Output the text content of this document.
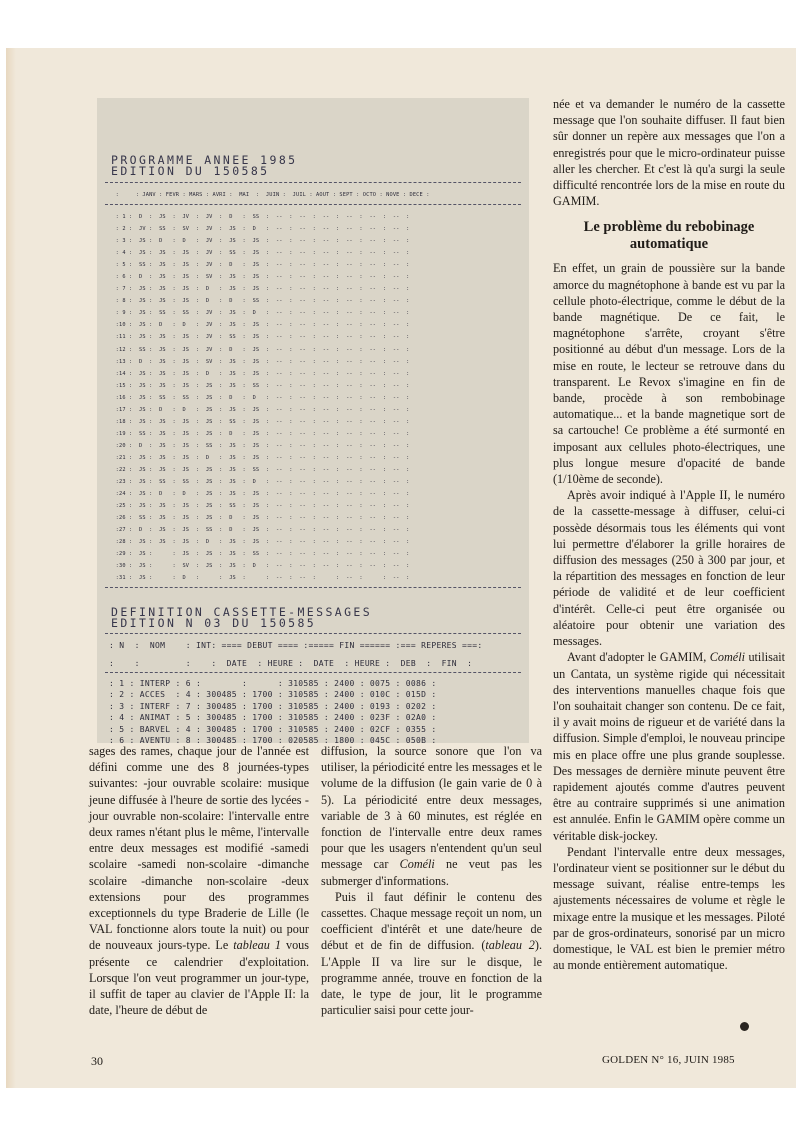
PROGRAMME ANNEE 1985
EDITION DU 150585
:     : JANV : FEVR : MARS : AVRI :  MAI  :  JUIN :  JUIL : AOUT : SEPT : OCTO : NOVE : DECE :
: 1 :  D  :  JS  :  JV  :  JV  :  D   :  SS  :  --  :  --  :  --  :  --  :  --  :  --  :
: 2 :  JV :  SS  :  SV  :  JV  :  JS  :  D   :  --  :  --  :  --  :  --  :  --  :  --  :
: 3 :  JS :  D   :  D   :  JV  :  JS  :  JS  :  --  :  --  :  --  :  --  :  --  :  --  :
: 4 :  JS :  JS  :  JS  :  JV  :  SS  :  JS  :  --  :  --  :  --  :  --  :  --  :  --  :
: 5 :  SS :  JS  :  JS  :  JV  :  D   :  JS  :  --  :  --  :  --  :  --  :  --  :  --  :
: 6 :  D  :  JS  :  JS  :  SV  :  JS  :  JS  :  --  :  --  :  --  :  --  :  --  :  --  :
: 7 :  JS :  JS  :  JS  :  D   :  JS  :  JS  :  --  :  --  :  --  :  --  :  --  :  --  :
: 8 :  JS :  JS  :  JS  :  D   :  D   :  SS  :  --  :  --  :  --  :  --  :  --  :  --  :
: 9 :  JS :  SS  :  SS  :  JV  :  JS  :  D   :  --  :  --  :  --  :  --  :  --  :  --  :
:10 :  JS :  D   :  D   :  JV  :  JS  :  JS  :  --  :  --  :  --  :  --  :  --  :  --  :
:11 :  JS :  JS  :  JS  :  JV  :  SS  :  JS  :  --  :  --  :  --  :  --  :  --  :  --  :
:12 :  SS :  JS  :  JS  :  JV  :  D   :  JS  :  --  :  --  :  --  :  --  :  --  :  --  :
:13 :  D  :  JS  :  JS  :  SV  :  JS  :  JS  :  --  :  --  :  --  :  --  :  --  :  --  :
:14 :  JS :  JS  :  JS  :  D   :  JS  :  JS  :  --  :  --  :  --  :  --  :  --  :  --  :
:15 :  JS :  JS  :  JS  :  JS  :  JS  :  SS  :  --  :  --  :  --  :  --  :  --  :  --  :
:16 :  JS :  SS  :  SS  :  JS  :  D   :  D   :  --  :  --  :  --  :  --  :  --  :  --  :
:17 :  JS :  D   :  D   :  JS  :  JS  :  JS  :  --  :  --  :  --  :  --  :  --  :  --  :
:18 :  JS :  JS  :  JS  :  JS  :  SS  :  JS  :  --  :  --  :  --  :  --  :  --  :  --  :
:19 :  SS :  JS  :  JS  :  JS  :  D   :  JS  :  --  :  --  :  --  :  --  :  --  :  --  :
:20 :  D  :  JS  :  JS  :  SS  :  JS  :  JS  :  --  :  --  :  --  :  --  :  --  :  --  :
:21 :  JS :  JS  :  JS  :  D   :  JS  :  JS  :  --  :  --  :  --  :  --  :  --  :  --  :
:22 :  JS :  JS  :  JS  :  JS  :  JS  :  SS  :  --  :  --  :  --  :  --  :  --  :  --  :
:23 :  JS :  SS  :  SS  :  JS  :  JS  :  D   :  --  :  --  :  --  :  --  :  --  :  --  :
:24 :  JS :  D   :  D   :  JS  :  JS  :  JS  :  --  :  --  :  --  :  --  :  --  :  --  :
:25 :  JS :  JS  :  JS  :  JS  :  SS  :  JS  :  --  :  --  :  --  :  --  :  --  :  --  :
:26 :  SS :  JS  :  JS  :  JS  :  D   :  JS  :  --  :  --  :  --  :  --  :  --  :  --  :
:27 :  D  :  JS  :  JS  :  SS  :  D   :  JS  :  --  :  --  :  --  :  --  :  --  :  --  :
:28 :  JS :  JS  :  JS  :  D   :  JS  :  JS  :  --  :  --  :  --  :  --  :  --  :  --  :
:29 :  JS :      :  JS  :  JS  :  JS  :  SS  :  --  :  --  :  --  :  --  :  --  :  --  :
:30 :  JS :      :  SV  :  JS  :  JS  :  D   :  --  :  --  :  --  :  --  :  --  :  --  :
:31 :  JS :      :  D   :      :  JS  :      :  --  :  --  :      :  --  :      :  --  :
DEFINITION CASSETTE-MESSAGES
EDITION N 03 DU 150585
: N  :  NOM    : INT: ==== DEBUT ==== :===== FIN ====== :=== REPERES ===:
:    :         :    :  DATE  : HEURE :  DATE  : HEURE :  DEB  :  FIN  :
: 1 : INTERP : 6 :        :      : 310585 : 2400 : 0075 : 0086 :
: 2 : ACCES  : 4 : 300485 : 1700 : 310585 : 2400 : 010C : 015D :
: 3 : INTERF : 7 : 300485 : 1700 : 310585 : 2400 : 0193 : 0202 :
: 4 : ANIMAT : 5 : 300485 : 1700 : 310585 : 2400 : 023F : 02A0 :
: 5 : BARVEL : 4 : 300485 : 1700 : 310585 : 2400 : 02CF : 0355 :
: 6 : AVENTU : 8 : 300485 : 1700 : 020585 : 1800 : 045C : 050B :

née et va demander le numéro de la cassette message que l'on souhaite diffuser. Il faut bien sûr donner un repère aux messages que l'on a enregistrés pour que le micro-ordinateur puisse aller les chercher. Et c'est là qu'a surgi la seule difficulté rencontrée lors de la mise en route du GAMIM.

Le problème du rebobinage automatique

En effet, un grain de poussière sur la bande amorce du magnétophone à bande est vu par la cellule photo-électrique, comme le début de la bande magnétique. De ce fait, le magnétophone s'arrête, croyant s'être positionné au début d'un message. Lors de la mise en route, le lecteur se retrouve dans du transparent. Le Revox s'imagine en fin de bande, procède à son rembobinage automatique... et la bande magnetique sort de sa cartouche! Ce problème a été surmonté en imposant aux cellules photo-électriques, une plus longue mesure d'opacité de bande (1/10ème de seconde).

Après avoir indiqué à l'Apple II, le numéro de la cassette-message à diffuser, celui-ci possède désormais tous les éléments qui vont lui permettre d'élaborer la grille horaires de diffusion des messages (250 à 300 par jour, et la répartition des messages en fonction de leur période de validité et de leur coefficient d'intérêt. Celle-ci peut être organisée ou aléatoire pour obtenir une variation des messages.

Avant d'adopter le GAMIM, Coméli utilisait un Cantata, un système rigide qui nécessitait des interventions manuelles chaque fois que l'on souhaitait changer son contenu. De ce fait, il y avait moins de rigueur et de variété dans la diffusion. Simple d'emploi, le nouveau principe mis en place offre une plus grande souplesse. Des messages de dernière minute peuvent être rapidement ajoutés comme d'autres peuvent être au contraire supprimés si une animation est annulée. Enfin le GAMIM opère comme un véritable disk-jockey.

Pendant l'intervalle entre deux messages, l'ordinateur vient se positionner sur le début du message suivant, réalise entre-temps les ajustements nécessaires de volume et règle le mixage entre la musique et les messages. Piloté par de gros-ordinateurs, sonorisé par un micro domestique, le VAL est bien le premier métro au monde entièrement automatique.

sages des rames, chaque jour de l'année est défini comme une des 8 journées-types suivantes: -jour ouvrable scolaire: musique jeune diffusée à l'heure de sortie des lycées -jour ouvrable non-scolaire: l'intervalle entre deux rames n'étant plus le même, l'intervalle entre deux messages est modifié -samedi scolaire -samedi non-scolaire -dimanche scolaire -dimanche non-scolaire -deux extensions pour des programmes exceptionnels du type Braderie de Lille (le VAL fonctionne alors toute la nuit) ou pour de nouveaux jours-type. Le tableau 1 vous présente ce calendrier d'exploitation. Lorsque l'on veut programmer un jour-type, il suffit de taper au clavier de l'Apple II: la date, l'heure de début de

diffusion, la source sonore que l'on va utiliser, la périodicité entre les messages et le volume de la diffusion (le gain varie de 0 à 5). La périodicité entre deux messages, variable de 3 à 60 minutes, est réglée en fonction de l'intervalle entre deux rames pour que les usagers n'entendent qu'un seul message car Coméli ne veut pas les submerger d'informations.

Puis il faut définir le contenu des cassettes. Chaque message reçoit un nom, un coefficient d'intérêt et une date/heure de début et de fin de diffusion. (tableau 2). L'Apple II va lire sur le disque, le programme année, trouve en fonction de la date, le type de jour, lit le programme particulier saisi pour cette jour-

30	GOLDEN N° 16, JUIN 1985
